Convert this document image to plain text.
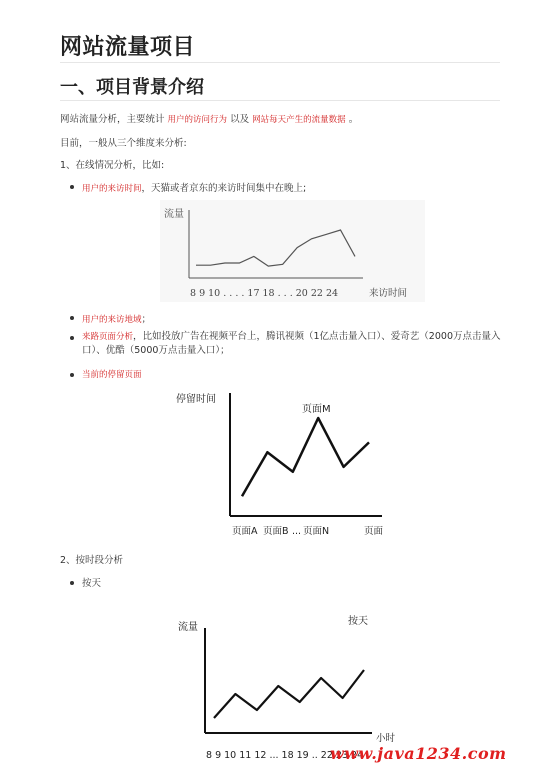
网站流量项目
一、项目背景介绍
网站流量分析，主要统计 用户的访问行为 以及 网站每天产生的流量数据 。
目前，一般从三个维度来分析:
1、在线情况分析，比如:
用户的来访时间，天猫或者京东的来访时间集中在晚上;
流量
8 9 10 . . . . 17 18 . . . 20 22 24	来访时间
用户的来访地域；
来路页面分析，比如投放广告在视频平台上，腾讯视频（1亿点击量入口）、爱奇艺（2000万点击量入口）、优酷（5000万点击量入口）；
当前的停留页面
停留时间
页面M
页面A 页面B ... 页面N	页面
2、按时段分析
按天
流量
按天
小时
8 9 10 11 12 ... 18 19 .. 22 23 24
www.java1234.com
